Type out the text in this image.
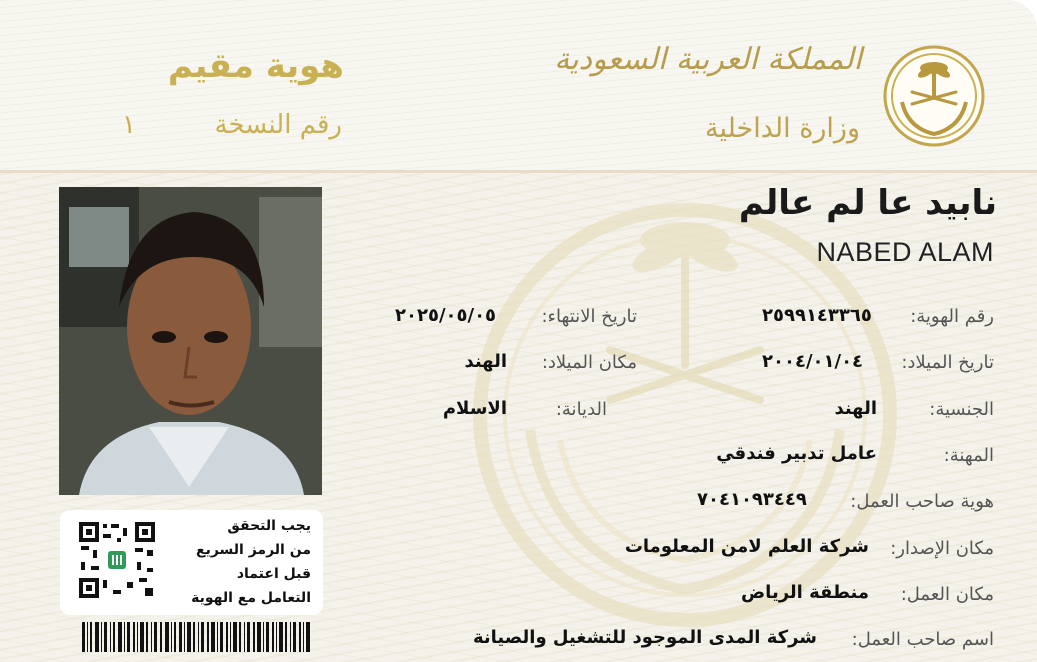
هوية مقيم
رقم النسخة
١
المملكة العربية السعودية
وزارة الداخلية
يجب التحقق
من الرمز السريع
قبل اعتماد
التعامل مع الهوية
نابيد عا لم عالم
NABED ALAM
رقم الهوية:
٢٥٩٩١٤٣٣٦٥
تاريخ الميلاد:
٢٠٠٤/٠١/٠٤
الجنسية:
الهند
المهنة:
عامل تدبير فندقي
هوية صاحب العمل:
٧٠٤١٠٩٣٤٤٩
مكان الإصدار:
شركة العلم لامن المعلومات
مكان العمل:
منطقة الرياض
اسم صاحب العمل:
شركة المدى الموجود للتشغيل والصيانة
تاريخ الانتهاء:
٢٠٢٥/٠٥/٠٥
مكان الميلاد:
الهند
الديانة:
الاسلام
